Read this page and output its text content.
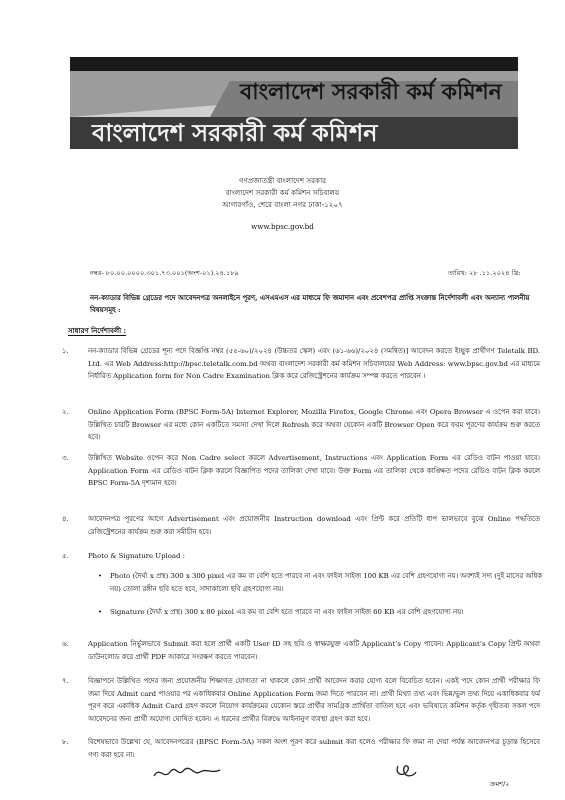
বাংলাদেশ সরকারী কর্ম কমিশন
বাংলাদেশ সরকারী কর্ম কমিশন
গণপ্রজাতন্ত্রী বাংলাদেশ সরকার
বাংলাদেশ সরকারী কর্ম কমিশন সচিবালয়
আগারগাঁও, শেরে বাংলা নগর ঢাকা-১২০৭
www.bpsc.gov.bd
নম্বর- ৮০.০০.০০০০.৩০১.৭৩.০০১(অংশ-০১).২৪.১৮৯	তারিখ: ২৮ .১১.২০২৪ খ্রি:
নন-ক্যাডার বিভিন্ন গ্রেডের পদে আবেদনপত্র অনলাইনে পূরণ, এসএমএস এর মাধ্যমে ফি জমাদান এবং প্রবেশপত্র প্রাপ্তি সংক্রান্ত নির্দেশাবলী এবং অন্যান্য পালনীয় বিষয়সমূহ :
সাধারণ নির্দেশাবলী :
১.	নন-ক্যাডার বিভিন্ন গ্রেডের শূন্য পদে বিজ্ঞপ্তি নম্বর (৫৫-৬০)/২০২৪ (উচ্চতর স্কেল) এবং (৬১-৬৬)/২০২৪ (সমন্বিত)] আবেদন করতে ইচ্ছুক প্রার্থীগণ Teletalk BD. Ltd. এর Web Address:http://bpsc.teletalk.com.bd অথবা বাংলাদেশ সরকারী কর্ম কমিশন সচিবালয়ের Web Address: www.bpsc.gov.bd এর মাধ্যমে নির্ধারিত Application form for Non Cadre Examination ক্লিক করে রেজিস্ট্রেশনের কার্যক্রম সম্পন্ন করতে পারবেন ।
২.	Online Application Form (BPSC Form-5A) Internet Explorer, Mozilla Firefox, Google Chrome এবং Opera Browser এ ওপেন করা যাবে। উল্লিখিত চারটি Browser এর মধ্যে কোন একটিতে সমস্যা দেখা দিলে Refresh করে অথবা যেকোন একটি Browser Open করে ফরম পূরণের কার্যক্রম শুরু করতে হবে।
৩.	উল্লিখিত Website ওপেন করে Non Cadre select করলে Advertisement, Instructions এবং Application Form এর রেডিও বাটন পাওয়া যাবে। Application Form এর রেডিও বাটন ক্লিক করলে বিজ্ঞাপিত পদের তালিকা দেখা যাবে। উক্ত Form এর তালিকা থেকে কাঙ্ক্ষিত পদের রেডিও বাটন ক্লিক করলে BPSC Form-5A দৃশ্যমান হবে।
৪.	আবেদনপত্র পূরণের আগে Advertisement এবং প্রয়োজনীয় Instruction download এবং প্রিন্ট করে প্রতিটি ধাপ ভালভাবে বুঝে Online পদ্ধতিতে রেজিস্ট্রেশনের কার্যক্রম শুরু করা সমীচীন হবে।
৫.	Photo & Signature Upload :
• Photo (দৈর্ঘ্য x প্রস্থ) 300 x 300 pixel এর কম বা বেশি হতে পারবে না এবং ফাইল সাইজ 100 KB এর বেশি গ্রহণযোগ্য নয়। অবশ্যই সদ্য (দুই মাসের অধিক নয়) তোলা রঙ্গীন ছবি হতে হবে, সাদাকালো ছবি গ্রহণযোগ্য নয়।
• Signature (দৈর্ঘ্য x প্রস্থ) 300 x 80 pixel এর কম বা বেশি হতে পারবে না এবং ফাইল সাইজ 60 KB এর বেশি গ্রহণযোগ্য নয়।
৬.	Application নির্ভুলভাবে Submit করা হলে প্রার্থী একটি User ID সহ ছবি ও স্বাক্ষরযুক্ত একটি Applicant’s Copy পাবেন। Applicant’s Copy প্রিন্ট অথবা ডাউনলোড করে প্রার্থী PDF আকারে সংরক্ষণ করতে পারবেন।
৭.	বিজ্ঞাপনে উল্লিখিত পদের জন্য প্রয়োজনীয় শিক্ষাগত যোগ্যতা না থাকলে কোন প্রার্থী আবেদন করার যোগ্য বলে বিবেচিত হবেন। একই পদে কোন প্রার্থী পরীক্ষার ফি জমা দিয়ে Admit card পাওয়ার পর একাধিকবার Online Application Form জমা দিতে পারবেন না। প্রার্থী মিথ্যা তথ্য এবং ভিন্ন/ভুল তথ্য দিয়ে একাধিকবার ফর্ম পূরণ করে একাধিক Admit Card গ্রহণ করলে নিয়োগ কার্যক্রমের যেকোন স্তরে প্রার্থীর সামগ্রিক প্রার্থিতা বাতিল হবে এবং ভবিষ্যতে কমিশন কর্তৃক গৃহীতব্য সকল পদে আবেদনের জন্য প্রার্থী অযোগ্য ঘোষিত হবেন। এ ধরনের প্রার্থীর বিরুদ্ধে আইনানুগ ব্যবস্থা গ্রহণ করা হবে।
৮.	বিশেষভাবে উল্লেখ্য যে, আবেদনপত্রের (BPSC Form-5A) সকল অংশ পূরণ করে submit করা হলেও পরীক্ষার ফি জমা না দেয়া পর্যন্ত আবেদনপত্র চূড়ান্ত হিসেবে গণ্য করা হবে না।
ক্রমশ/২
